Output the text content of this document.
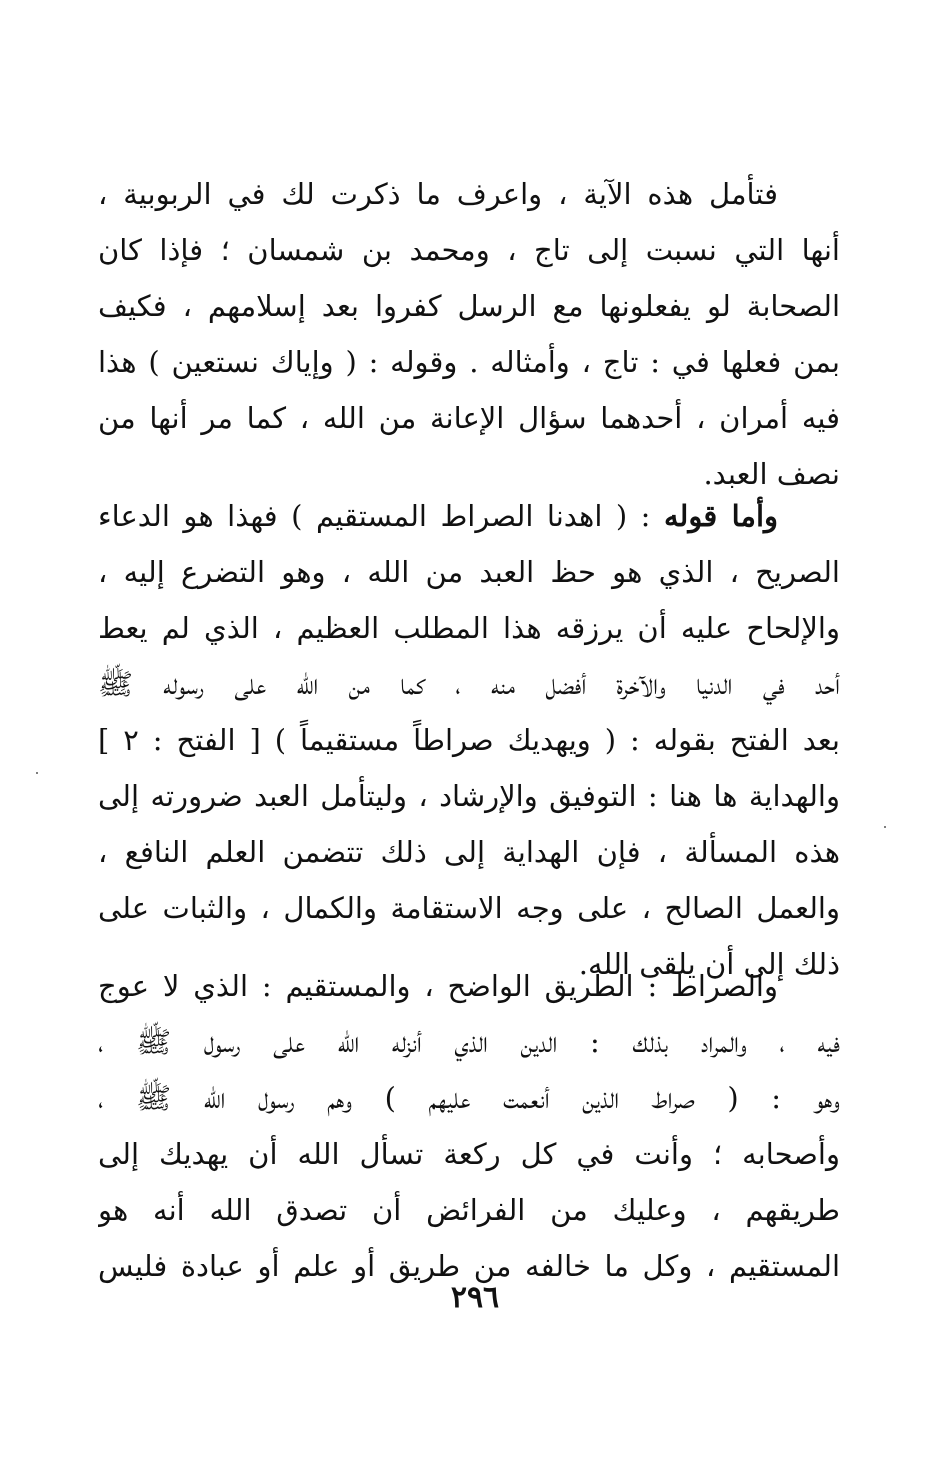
فتأمل هذه الآية ، واعرف ما ذكرت لك في الربوبية ،
أنها التي نسبت إلى تاج ، ومحمد بن شمسان ؛ فإذا كان
الصحابة لو يفعلونها مع الرسل كفروا بعد إسلامهم ، فكيف
بمن فعلها في : تاج ، وأمثاله . وقوله : ( وإياك نستعين ) هذا
فيه أمران ، أحدهما سؤال الإعانة من الله ، كما مر أنها من
نصف العبد.
وأما قوله : ( اهدنا الصراط المستقيم ) فهذا هو الدعاء
الصريح ، الذي هو حظ العبد من الله ، وهو التضرع إليه ،
والإلحاح عليه أن يرزقه هذا المطلب العظيم ، الذي لم يعط
أحد في الدنيا والآخرة أفضل منه ، كما من الله على رسوله ﷺ
بعد الفتح بقوله : ( ويهديك صراطاً مستقيماً ) [ الفتح : ٢ ]
والهداية ها هنا : التوفيق والإرشاد ، وليتأمل العبد ضرورته إلى
هذه المسألة ، فإن الهداية إلى ذلك تتضمن العلم النافع ،
والعمل الصالح ، على وجه الاستقامة والكمال ، والثبات على
ذلك إلى أن يلقى الله.
والصراط : الطريق الواضح ، والمستقيم : الذي لا عوج
فيه ، والمراد بذلك : الدين الذي أنزله الله على رسول ﷺ ،
وهو : ( صراط الذين أنعمت عليهم ) وهم رسول الله ﷺ ،
وأصحابه ؛ وأنت في كل ركعة تسأل الله أن يهديك إلى
طريقهم ، وعليك من الفرائض أن تصدق الله أنه هو
المستقيم ، وكل ما خالفه من طريق أو علم أو عبادة فليس
٢٩٦
